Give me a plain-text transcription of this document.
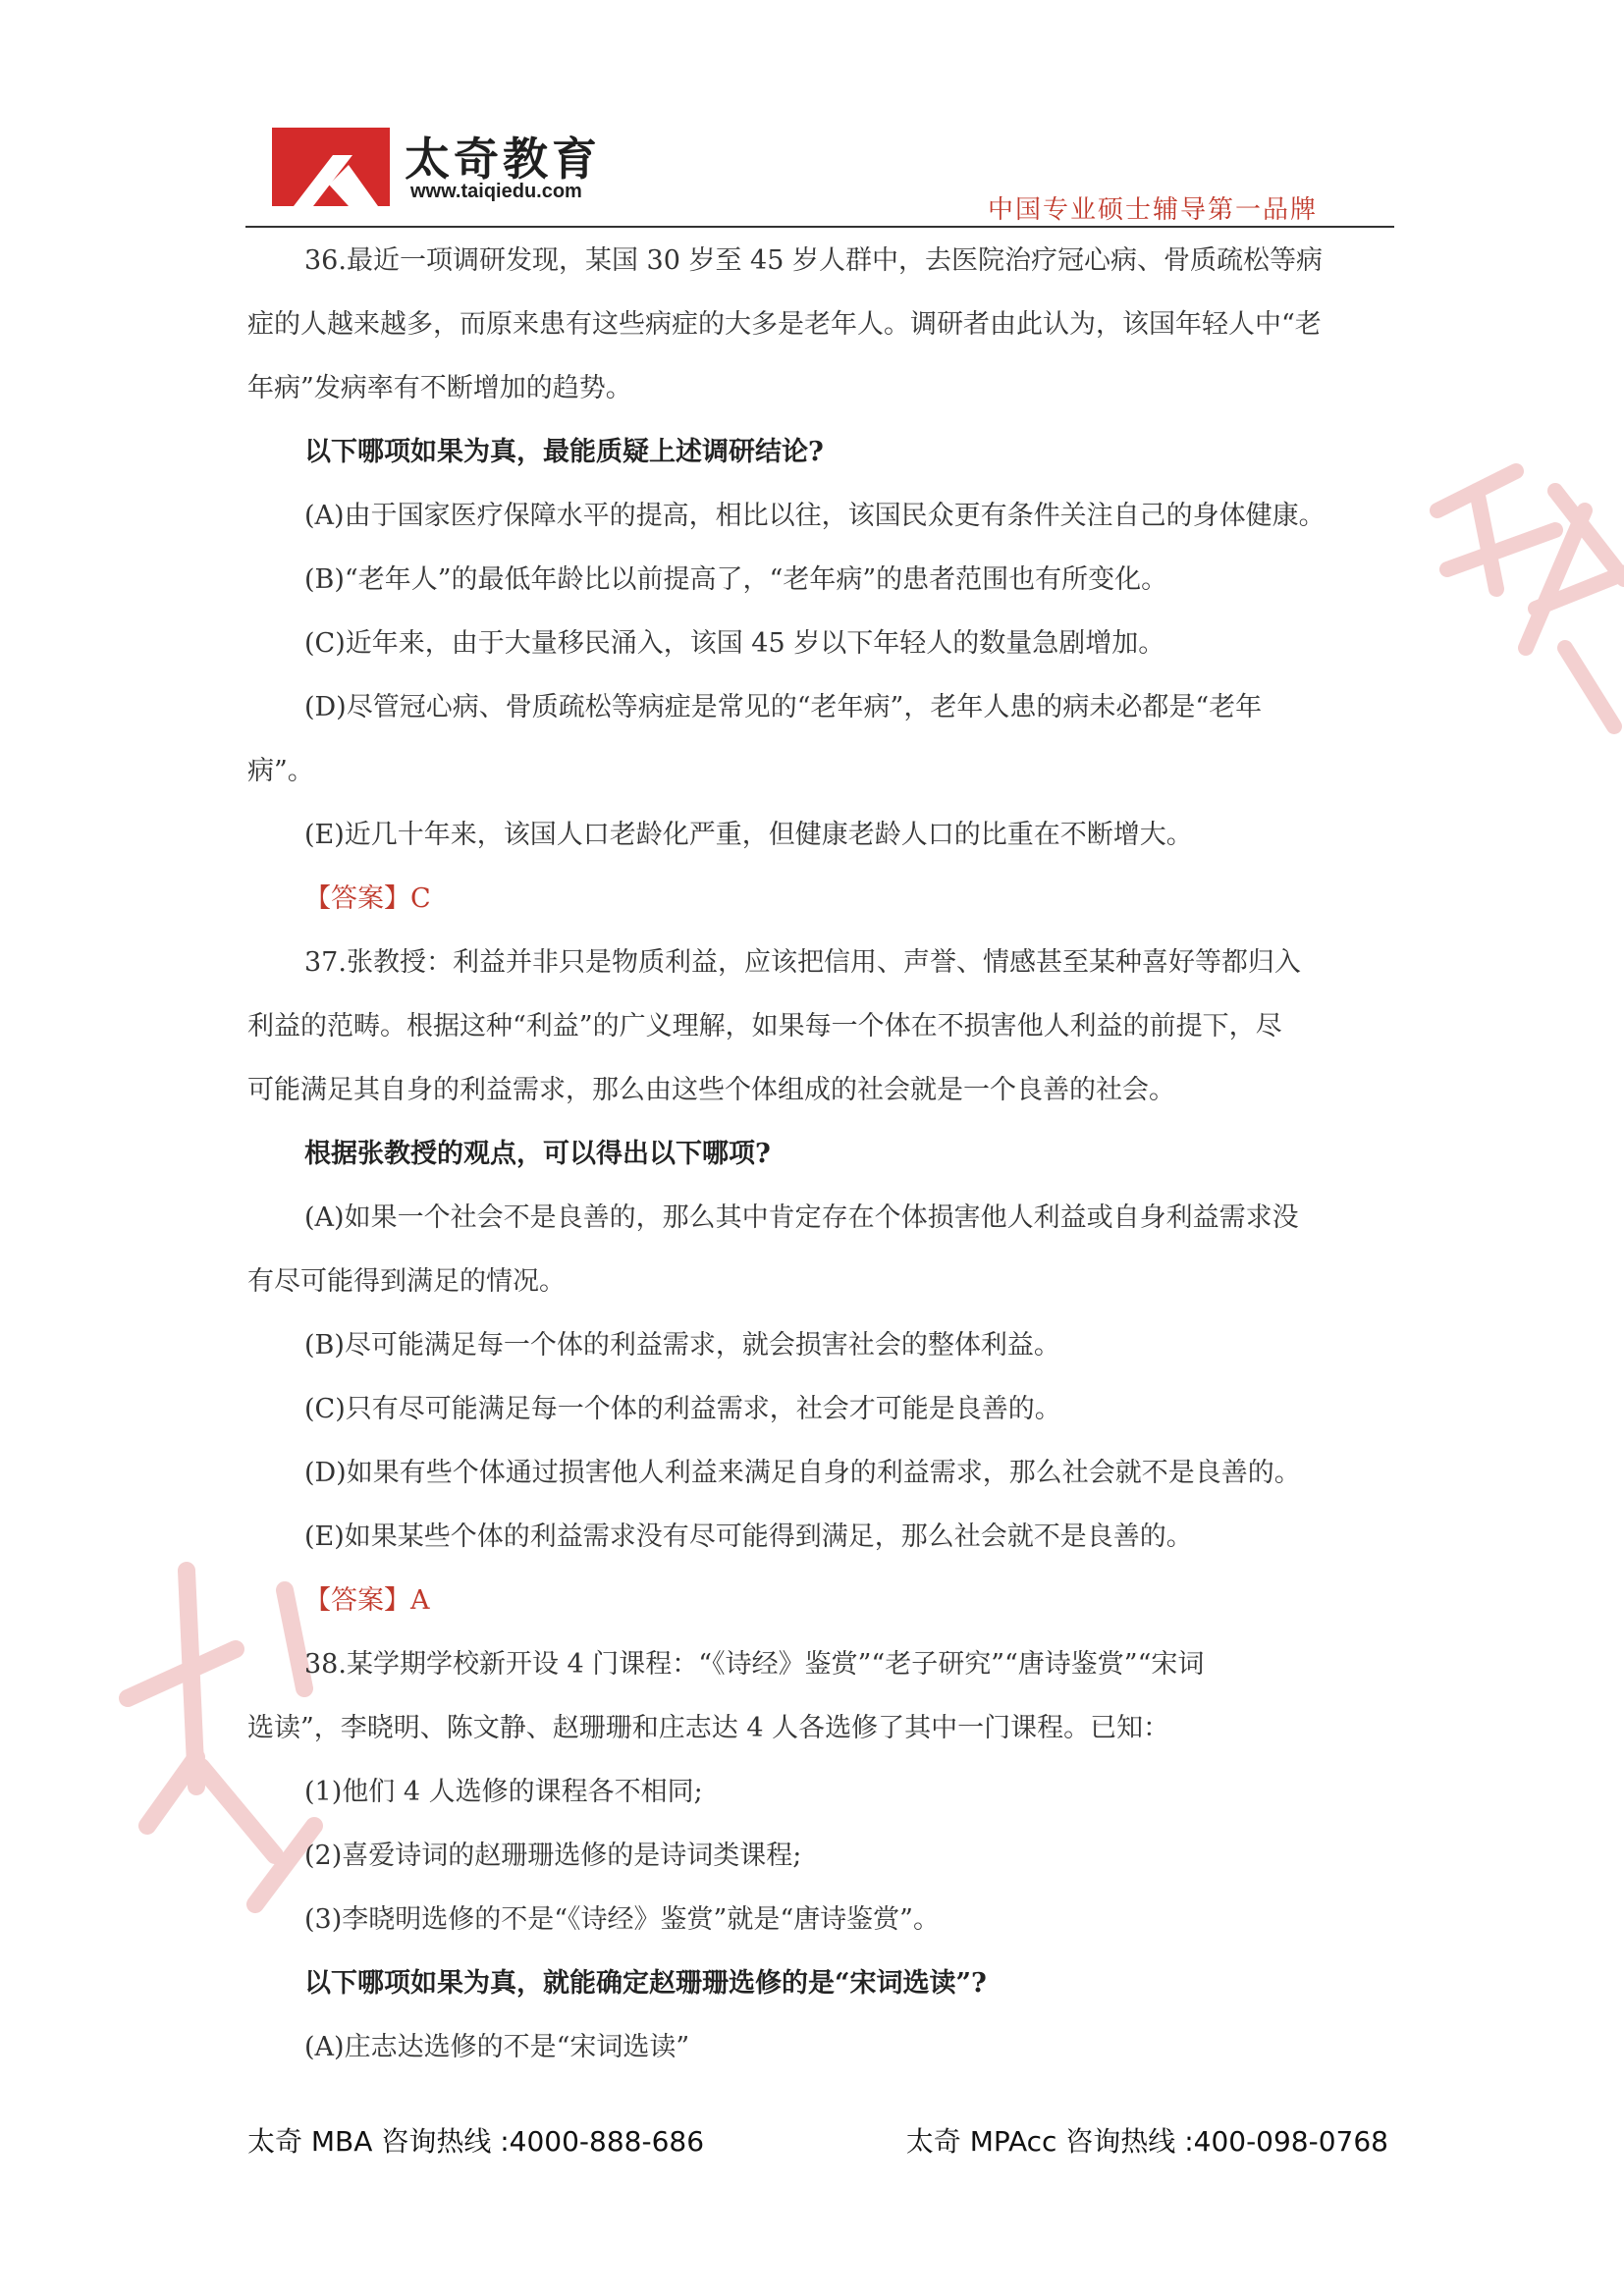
太奇教育
www.taiqiedu.com
中国专业硕士辅导第一品牌
36.最近一项调研发现，某国 30 岁至 45 岁人群中，去医院治疗冠心病、骨质疏松等病
症的人越来越多，而原来患有这些病症的大多是老年人。调研者由此认为，该国年轻人中“老
年病”发病率有不断增加的趋势。
以下哪项如果为真，最能质疑上述调研结论?
(A)由于国家医疗保障水平的提高，相比以往，该国民众更有条件关注自己的身体健康。
(B)“老年人”的最低年龄比以前提高了，“老年病”的患者范围也有所变化。
(C)近年来，由于大量移民涌入，该国 45 岁以下年轻人的数量急剧增加。
(D)尽管冠心病、骨质疏松等病症是常见的“老年病”，老年人患的病未必都是“老年
病”。
(E)近几十年来，该国人口老龄化严重，但健康老龄人口的比重在不断增大。
【答案】C
37.张教授：利益并非只是物质利益，应该把信用、声誉、情感甚至某种喜好等都归入
利益的范畴。根据这种“利益”的广义理解，如果每一个体在不损害他人利益的前提下，尽
可能满足其自身的利益需求，那么由这些个体组成的社会就是一个良善的社会。
根据张教授的观点，可以得出以下哪项?
(A)如果一个社会不是良善的，那么其中肯定存在个体损害他人利益或自身利益需求没
有尽可能得到满足的情况。
(B)尽可能满足每一个体的利益需求，就会损害社会的整体利益。
(C)只有尽可能满足每一个体的利益需求，社会才可能是良善的。
(D)如果有些个体通过损害他人利益来满足自身的利益需求，那么社会就不是良善的。
(E)如果某些个体的利益需求没有尽可能得到满足，那么社会就不是良善的。
【答案】A
38.某学期学校新开设 4 门课程：“《诗经》鉴赏”“老子研究”“唐诗鉴赏”“宋词
选读”，李晓明、陈文静、赵珊珊和庄志达 4 人各选修了其中一门课程。已知：
(1)他们 4 人选修的课程各不相同;
(2)喜爱诗词的赵珊珊选修的是诗词类课程;
(3)李晓明选修的不是“《诗经》鉴赏”就是“唐诗鉴赏”。
以下哪项如果为真，就能确定赵珊珊选修的是“宋词选读”?
(A)庄志达选修的不是“宋词选读”
太奇 MBA 咨询热线 :4000-888-686	太奇 MPAcc 咨询热线 :400-098-0768
